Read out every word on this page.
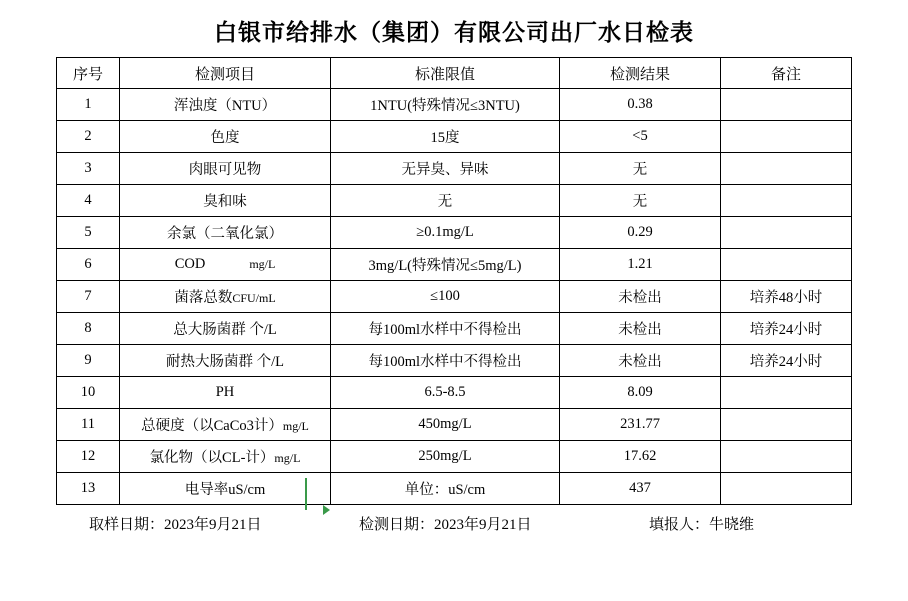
白银市给排水（集团）有限公司出厂水日检表
序号	检测项目	标准限值	检测结果	备注
1	浑浊度（NTU）	1NTU(特殊情况≤3NTU)	0.38	
2	色度	15度	<5	
3	肉眼可见物	无异臭、异味	无	
4	臭和味	无	无	
5	余氯（二氧化氯）	≥0.1mg/L	0.29	
6	COD mg/L	3mg/L(特殊情况≤5mg/L)	1.21	
7	菌落总数CFU/mL	≤100	未检出	培养48小时
8	总大肠菌群 个/L	每100ml水样中不得检出	未检出	培养24小时
9	耐热大肠菌群 个/L	每100ml水样中不得检出	未检出	培养24小时
10	PH	6.5-8.5	8.09	
11	总硬度（以CaCo3计）mg/L	450mg/L	231.77	
12	氯化物（以CL-计）mg/L	250mg/L	17.62	
13	电导率uS/cm	单位：uS/cm	437	
取样日期：2023年9月21日	检测日期：2023年9月21日	填报人：牛晓维
